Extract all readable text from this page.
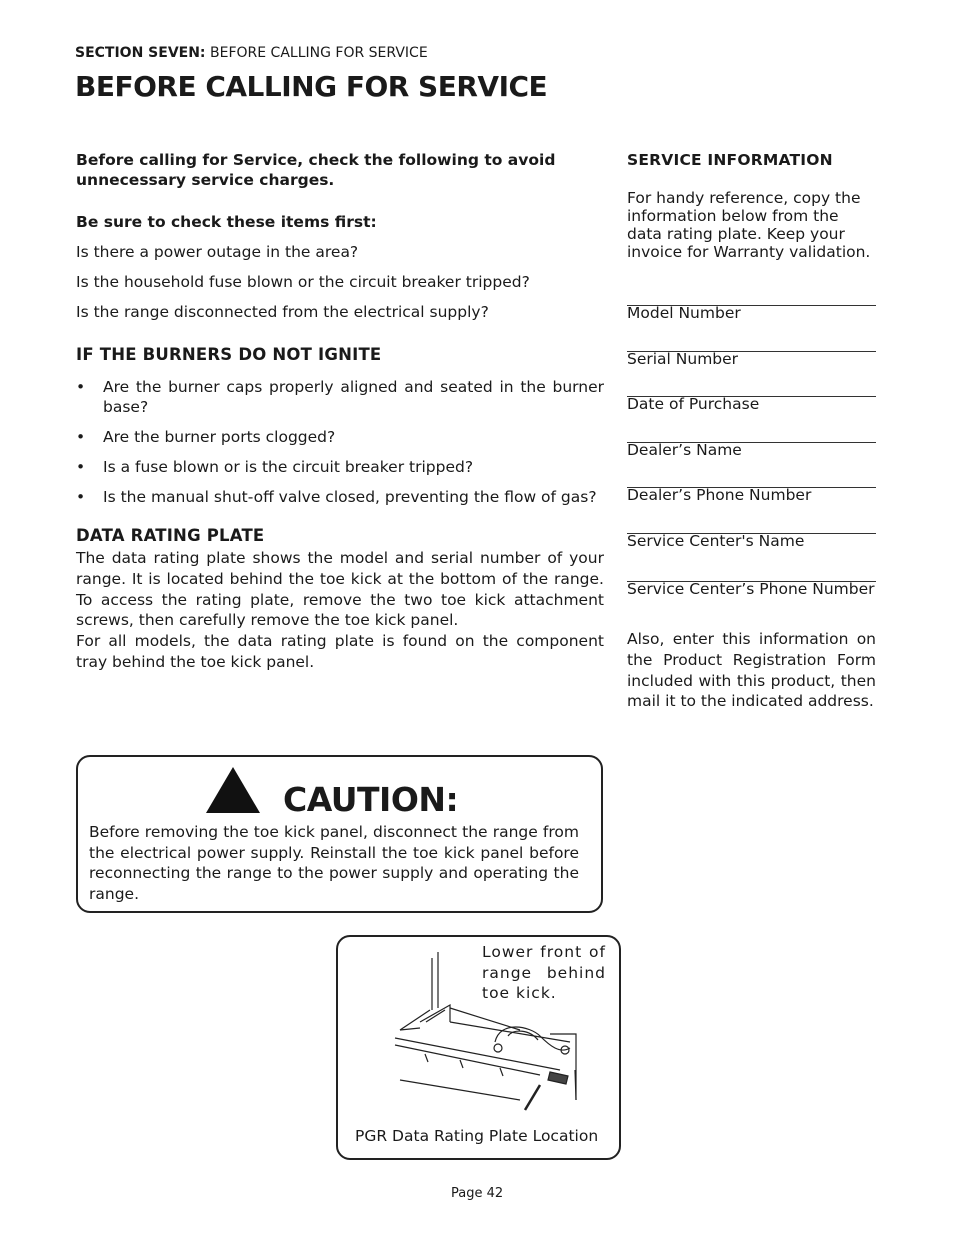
SECTION SEVEN: BEFORE CALLING FOR SERVICE
BEFORE CALLING FOR SERVICE
Before calling for Service, check the following to avoid unnecessary service charges.
Be sure to check these items first:
Is there a power outage in the area?
Is the household fuse blown or the circuit breaker tripped?
Is the range disconnected from the electrical supply?
IF THE BURNERS DO NOT IGNITE
• Are the burner caps properly aligned and seated in the burner base?
• Are the burner ports clogged?
• Is a fuse blown or is the circuit breaker tripped?
• Is the manual shut-off valve closed, preventing the flow of gas?
DATA RATING PLATE
The data rating plate shows the model and serial number of your range. It is located behind the toe kick at the bottom of the range. To access the rating plate, remove the two toe kick attachment screws, then carefully remove the toe kick panel.
For all models, the data rating plate is found on the component tray behind the toe kick panel.
SERVICE INFORMATION
For handy reference, copy the information below from the data rating plate. Keep your invoice for Warranty validation.
Model Number
Serial Number
Date of Purchase
Dealer’s Name
Dealer’s Phone Number
Service Center's Name
Service Center’s Phone Number
Also, enter this information on the Product Registration Form included with this product, then mail it to the indicated address.
CAUTION:
Before removing the toe kick panel, disconnect the range from the electrical power supply. Reinstall the toe kick panel before reconnecting the range to the power supply and operating the range.
Lower front of range behind toe kick.
PGR Data Rating Plate Location
Page 42
